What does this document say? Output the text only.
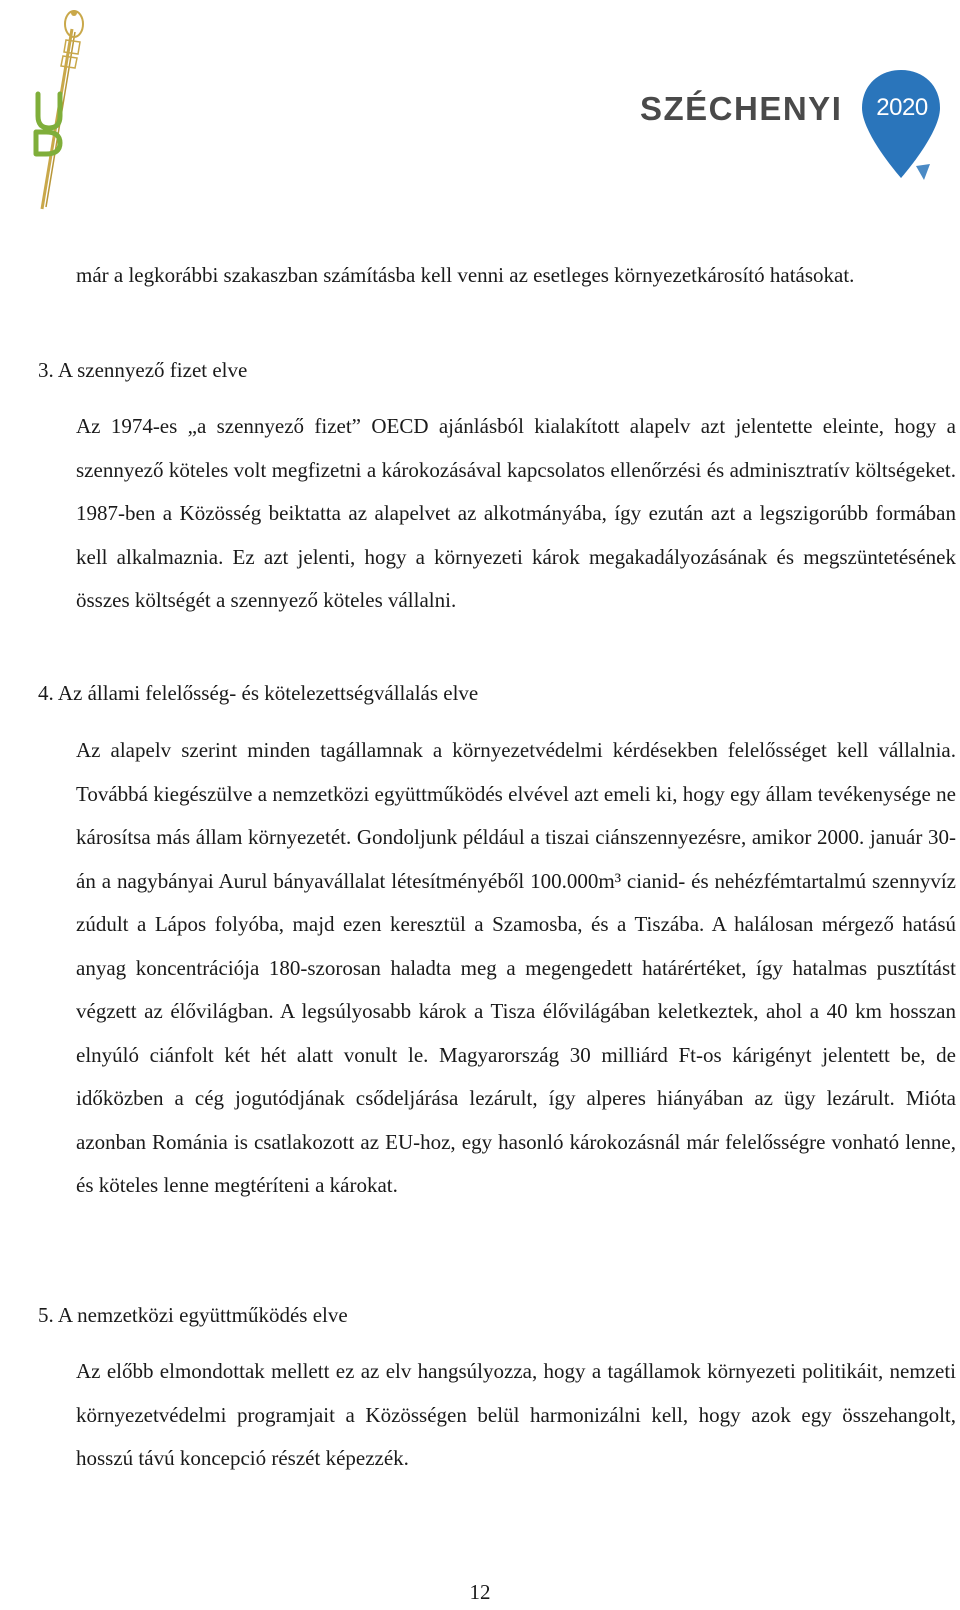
SZÉCHENYI	2020
már a legkorábbi szakaszban számításba kell venni az esetleges környezetkárosító hatásokat.
3. A szennyező fizet elve
Az 1974-es „a szennyező fizet” OECD ajánlásból kialakított alapelv azt jelentette eleinte, hogy a szennyező köteles volt megfizetni a károkozásával kapcsolatos ellenőrzési és adminisztratív költségeket. 1987-ben a Közösség beiktatta az alapelvet az alkotmányába, így ezután azt a legszigorúbb formában kell alkalmaznia. Ez azt jelenti, hogy a környezeti károk megakadályozásának és megszüntetésének összes költségét a szennyező köteles vállalni.
4. Az állami felelősség- és kötelezettségvállalás elve
Az alapelv szerint minden tagállamnak a környezetvédelmi kérdésekben felelősséget kell vállalnia. Továbbá kiegészülve a nemzetközi együttműködés elvével azt emeli ki, hogy egy állam tevékenysége ne károsítsa más állam környezetét. Gondoljunk például a tiszai ciánszennyezésre, amikor 2000. január 30-án a nagybányai Aurul bányavállalat létesítményéből 100.000m³ cianid- és nehézfémtartalmú szennyvíz zúdult a Lápos folyóba, majd ezen keresztül a Szamosba, és a Tiszába. A halálosan mérgező hatású anyag koncentrációja 180-szorosan haladta meg a megengedett határértéket, így hatalmas pusztítást végzett az élővilágban. A legsúlyosabb károk a Tisza élővilágában keletkeztek, ahol a 40 km hosszan elnyúló ciánfolt két hét alatt vonult le. Magyarország 30 milliárd Ft-os kárigényt jelentett be, de időközben a cég jogutódjának csődeljárása lezárult, így alperes hiányában az ügy lezárult. Mióta azonban Románia is csatlakozott az EU-hoz, egy hasonló károkozásnál már felelősségre vonható lenne, és köteles lenne megtéríteni a károkat.
5. A nemzetközi együttműködés elve
Az előbb elmondottak mellett ez az elv hangsúlyozza, hogy a tagállamok környezeti politikáit, nemzeti környezetvédelmi programjait a Közösségen belül harmonizálni kell, hogy azok egy összehangolt, hosszú távú koncepció részét képezzék.
12
